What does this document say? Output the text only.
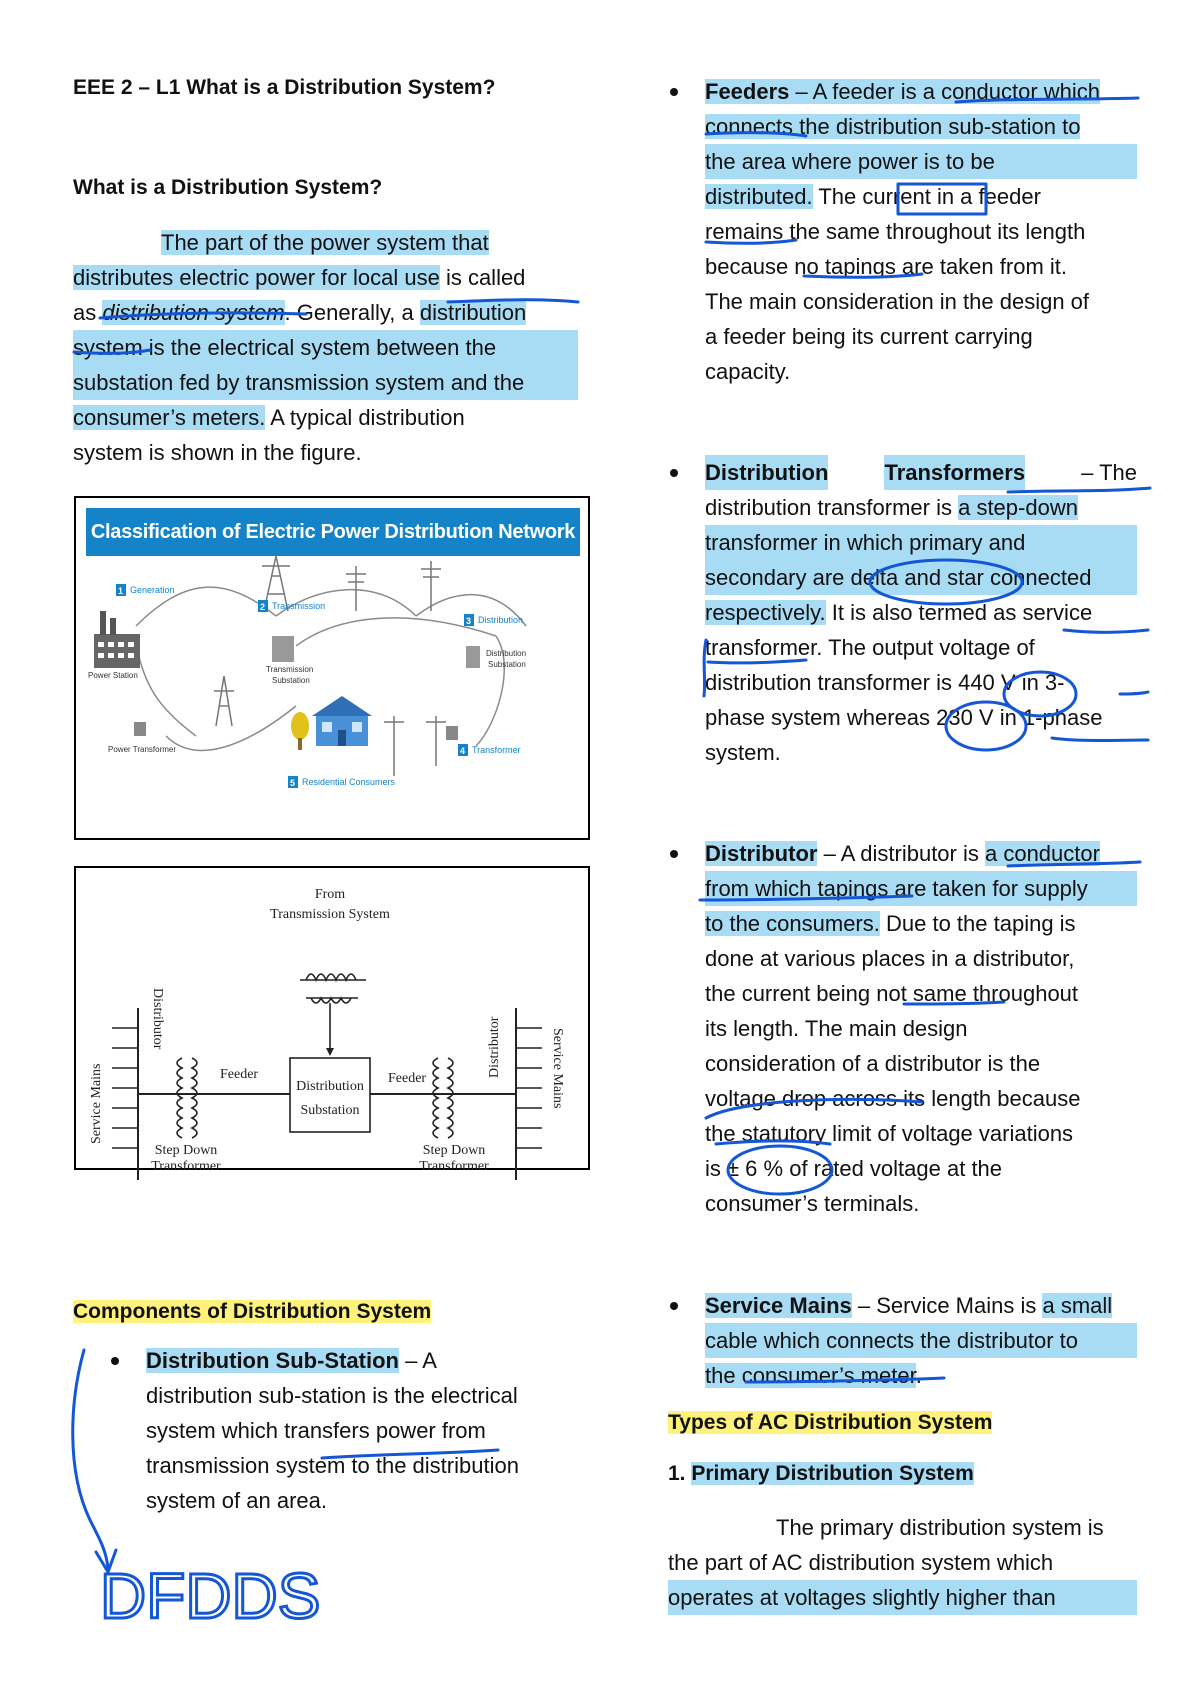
EEE 2 – L1 What is a Distribution System?
What is a Distribution System?
The part of the power system that
distributes electric power for local use is called
as distribution system. Generally, a distribution
system is the electrical system between the
substation fed by transmission system and the
consumer’s meters. A typical distribution
system is shown in the figure.
Classification of Electric Power Distribution Network
1
2
3
4
5
Generation
Transmission
Distribution
Transformer
Residential Consumers
Power Station
Transmission
Substation
Distribution
Substation
Power Transformer
From
Transmission System
Distribution
Substation
Feeder	Feeder
Step Down
Transformer
Step Down
Transformer
Distributor	Distributor
Service Mains	Service Mains
Components of Distribution System
Distribution Sub-Station – A
distribution sub-station is the electrical
system which transfers power from
transmission system to the distribution
system of an area.
Feeders – A feeder is a conductor which
connects the distribution sub-station to
the area where power is to be
distributed. The current in a feeder
remains the same throughout its length
because no tapings are taken from it.
The main consideration in the design of
a feeder being its current carrying
capacity.
Distribution	Transformers	– The
distribution transformer is a step-down
transformer in which primary and
secondary are delta and star connected
respectively. It is also termed as service
transformer. The output voltage of
distribution transformer is 440 V in 3-
phase system whereas 230 V in 1-phase
system.
Distributor – A distributor is a conductor
from which tapings are taken for supply
to the consumers. Due to the taping is
done at various places in a distributor,
the current being not same throughout
its length. The main design
consideration of a distributor is the
voltage drop across its length because
the statutory limit of voltage variations
is ± 6 % of rated voltage at the
consumer’s terminals.
Service Mains – Service Mains is a small
cable which connects the distributor to
the consumer’s meter.
Types of AC Distribution System
1. Primary Distribution System
The primary distribution system is
the part of AC distribution system which
operates at voltages slightly higher than
DFDDS
